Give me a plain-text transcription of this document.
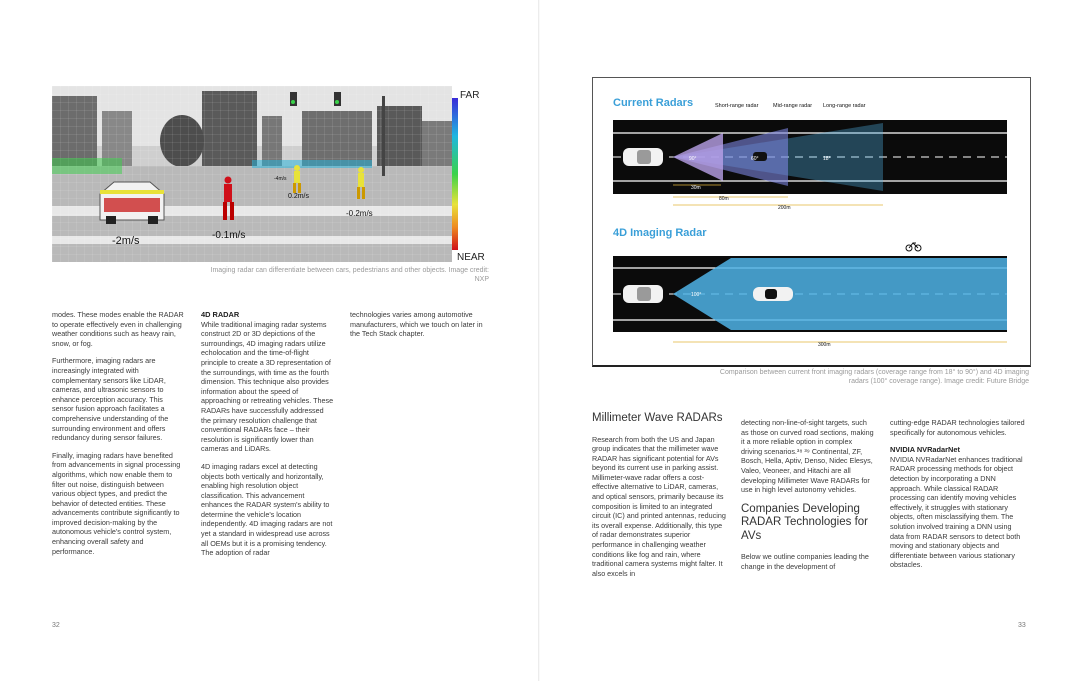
FAR
NEAR
-2m/s	-0.1m/s
0.2m/s
-0.2m/s
-4m/s
Imaging radar can differentiate between cars, pedestrians and other objects. Image credit: NXP

modes. These modes enable the RADAR to operate effectively even in challenging weather conditions such as heavy rain, snow, or fog.

Furthermore, imaging radars are increasingly integrated with complementary sensors like LiDAR, cameras, and ultrasonic sensors to enhance perception accuracy. This sensor fusion approach facilitates a comprehensive understanding of the surrounding environment and offers redundancy during sensor failures.

Finally, imaging radars have benefited from advancements in signal processing algorithms, which now enable them to filter out noise, distinguish between various object types, and predict the behavior of detected entities. These advancements contribute significantly to improved decision-making by the autonomous vehicle's control system, enhancing overall safety and performance.

4D RADAR

While traditional imaging radar systems construct 2D or 3D depictions of the surroundings, 4D imaging radars utilize echolocation and the time-of-flight principle to create a 3D representation of the surroundings, with time as the fourth dimension. This technique also provides information about the speed of approaching or retreating vehicles. These RADARs have successfully addressed the primary resolution challenge that conventional RADARs face – their resolution is significantly lower than cameras and LiDARs.

4D imaging radars excel at detecting objects both vertically and horizontally, enabling high resolution object classification. This advancement enhances the RADAR system's ability to determine the vehicle's location independently. 4D imaging radars are not yet a standard in widespread use across all OEMs but it is a promising tendency. The adoption of radar

technologies varies among automotive manufacturers, which we touch on later in the Tech Stack chapter.

32
Current Radars	Short-range radar	Mid-range radar Long-range radar
90°	60°	18°
30m
80m
200m
4D Imaging Radar
100°
300m
Comparison between current front imaging radars (coverage range from 18° to 90°) and 4D imaging radars (100° coverage range). Image credit: Future Bridge
Millimeter Wave RADARs

Research from both the US and Japan group indicates that the millimeter wave RADAR has significant potential for AVs beyond its current use in parking assist. Millimeter-wave radar offers a cost-effective alternative to LiDAR, cameras, and optical sensors, primarily because its composition is limited to an integrated circuit (IC) and printed antennas, reducing its overall expense. Additionally, this type of radar demonstrates superior performance in challenging weather conditions like fog and rain, where traditional camera systems might falter. It also excels in

detecting non-line-of-sight targets, such as those on curved road sections, making it a more reliable option in complex driving scenarios.³⁸ ³⁹ Continental, ZF, Bosch, Hella, Aptiv, Denso, Nidec Elesys, Valeo, Veoneer, and Hitachi are all developing Millimeter Wave RADARs for use in high level autonomy vehicles.

Companies Developing RADAR Technologies for AVs

Below we outline companies leading the change in the development of

cutting-edge RADAR technologies tailored specifically for autonomous vehicles.

NVIDIA NVRadarNet

NVIDIA NVRadarNet enhances traditional RADAR processing methods for object detection by incorporating a DNN approach. While classical RADAR processing can identify moving vehicles effectively, it struggles with stationary objects, often misclassifying them. The solution involved training a DNN using data from RADAR sensors to detect both moving and stationary objects and differentiate between various stationary obstacles.

33
